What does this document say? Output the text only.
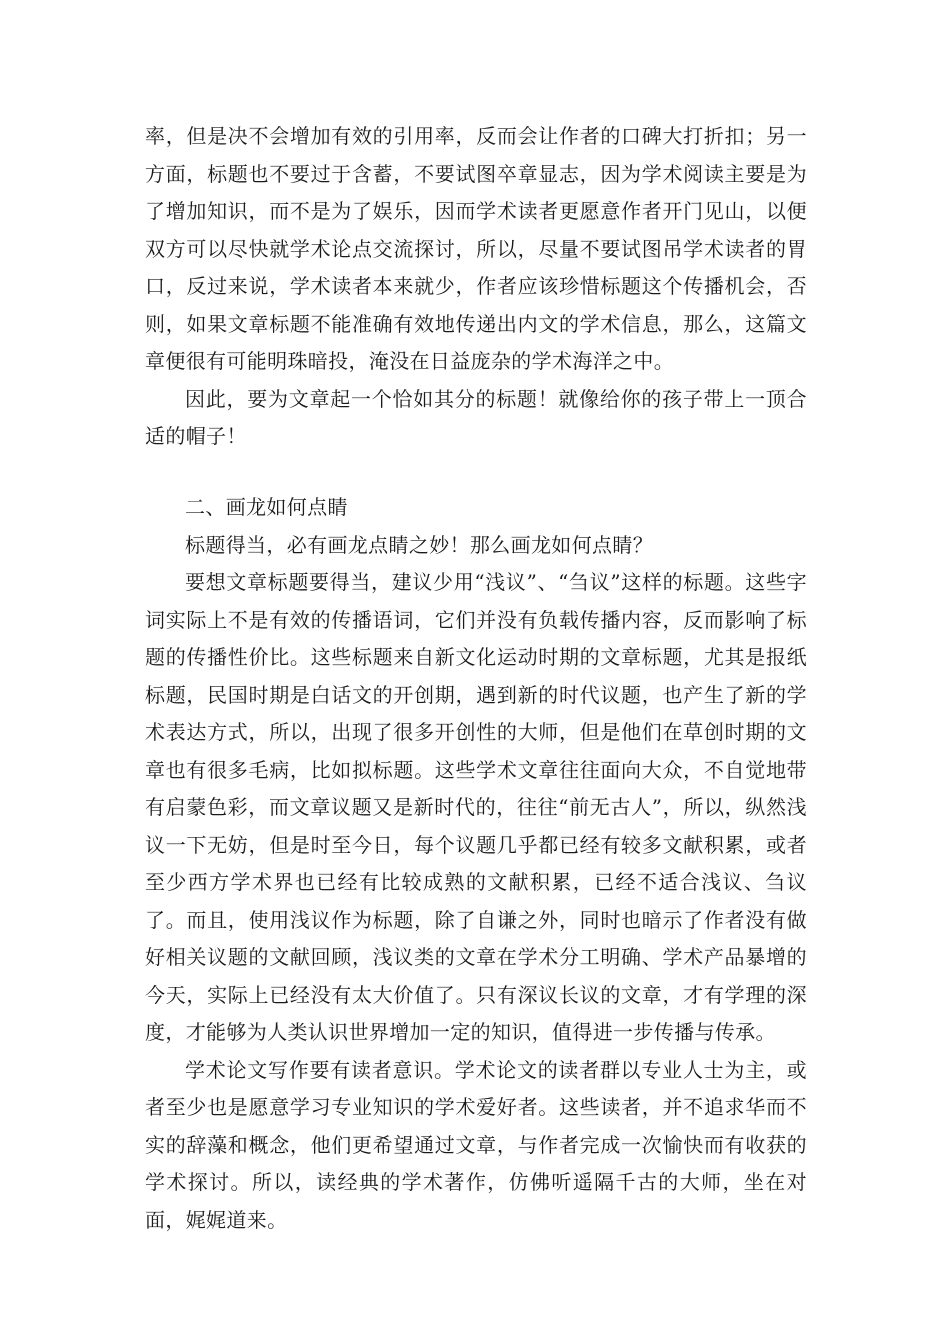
率，但是决不会增加有效的引用率，反而会让作者的口碑大打折扣；另一方面，标题也不要过于含蓄，不要试图卒章显志，因为学术阅读主要是为了增加知识，而不是为了娱乐，因而学术读者更愿意作者开门见山，以便双方可以尽快就学术论点交流探讨，所以，尽量不要试图吊学术读者的胃口，反过来说，学术读者本来就少，作者应该珍惜标题这个传播机会，否则，如果文章标题不能准确有效地传递出内文的学术信息，那么，这篇文章便很有可能明珠暗投，淹没在日益庞杂的学术海洋之中。

因此，要为文章起一个恰如其分的标题！就像给你的孩子带上一顶合适的帽子！

二、画龙如何点睛

标题得当，必有画龙点睛之妙！那么画龙如何点睛？

要想文章标题要得当，建议少用“浅议”、“刍议”这样的标题。这些字词实际上不是有效的传播语词，它们并没有负载传播内容，反而影响了标题的传播性价比。这些标题来自新文化运动时期的文章标题，尤其是报纸标题，民国时期是白话文的开创期，遇到新的时代议题，也产生了新的学术表达方式，所以，出现了很多开创性的大师，但是他们在草创时期的文章也有很多毛病，比如拟标题。这些学术文章往往面向大众，不自觉地带有启蒙色彩，而文章议题又是新时代的，往往“前无古人”，所以，纵然浅议一下无妨，但是时至今日，每个议题几乎都已经有较多文献积累，或者至少西方学术界也已经有比较成熟的文献积累，已经不适合浅议、刍议了。而且，使用浅议作为标题，除了自谦之外，同时也暗示了作者没有做好相关议题的文献回顾，浅议类的文章在学术分工明确、学术产品暴增的今天，实际上已经没有太大价值了。只有深议长议的文章，才有学理的深度，才能够为人类认识世界增加一定的知识，值得进一步传播与传承。

学术论文写作要有读者意识。学术论文的读者群以专业人士为主，或者至少也是愿意学习专业知识的学术爱好者。这些读者，并不追求华而不实的辞藻和概念，他们更希望通过文章，与作者完成一次愉快而有收获的学术探讨。所以，读经典的学术著作，仿佛听遥隔千古的大师，坐在对面，娓娓道来。
